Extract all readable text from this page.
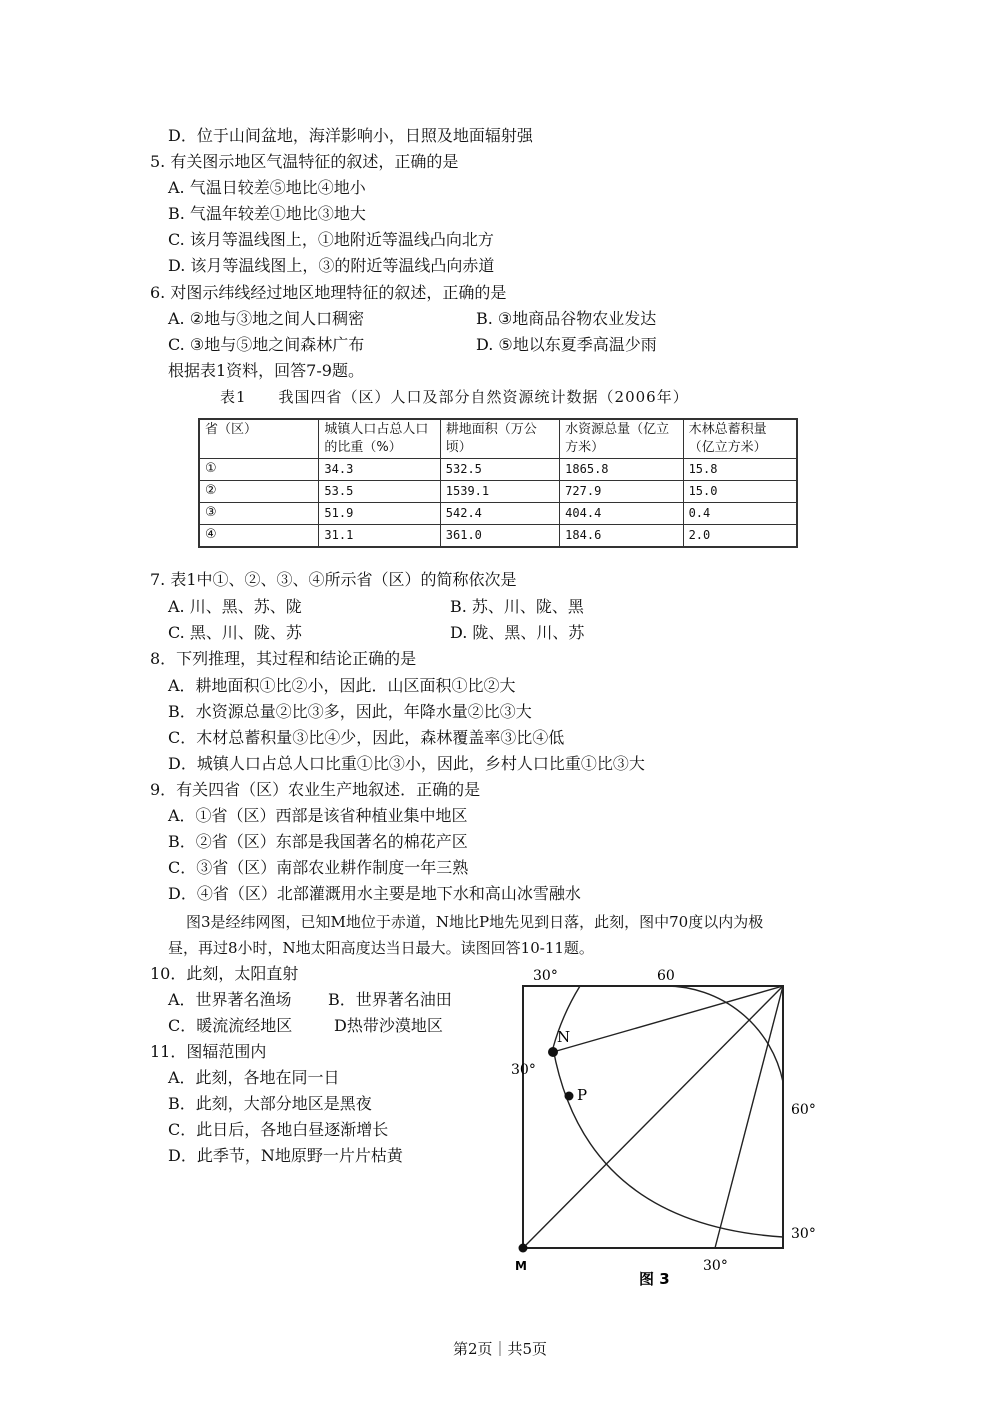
D．位于山间盆地，海洋影响小，日照及地面辐射强
5. 有关图示地区气温特征的叙述，正确的是
A. 气温日较差⑤地比④地小
B. 气温年较差①地比③地大
C. 该月等温线图上，①地附近等温线凸向北方
D. 该月等温线图上，③的附近等温线凸向赤道
6. 对图示纬线经过地区地理特征的叙述，正确的是
A. ②地与③地之间人口稠密	B. ③地商品谷物农业发达
C. ③地与⑤地之间森林广布	D. ⑤地以东夏季高温少雨
根据表1资料，回答7-9题。
表1　　我国四省（区）人口及部分自然资源统计数据（2006年）
省（区）	城镇人口占总人口的比重（%）	耕地面积（万公顷）	水资源总量（亿立方米）	木林总蓄积量（亿立方米）
①	34.3	532.5	1865.8	15.8
②	53.5	1539.1	727.9	15.0
③	51.9	542.4	404.4	0.4
④	31.1	361.0	184.6	2.0
7. 表1中①、②、③、④所示省（区）的简称依次是
A. 川、黑、苏、陇	B. 苏、川、陇、黑
C. 黑、川、陇、苏	D. 陇、黑、川、苏
8．下列推理，其过程和结论正确的是
A．耕地面积①比②小，因此．山区面积①比②大
B．水资源总量②比③多，因此，年降水量②比③大
C．木材总蓄积量③比④少，因此，森林覆盖率③比④低
D．城镇人口占总人口比重①比③小，因此，乡村人口比重①比③大
9．有关四省（区）农业生产地叙述．正确的是
A．①省（区）西部是该省种植业集中地区
B．②省（区）东部是我国著名的棉花产区
C．③省（区）南部农业耕作制度一年三熟
D．④省（区）北部灌溉用水主要是地下水和高山冰雪融水
图3是经纬网图，已知M地位于赤道，N地比P地先见到日落，此刻，图中70度以内为极
昼，再过8小时，N地太阳高度达当日最大。读图回答10-11题。
10．此刻，太阳直射
A．世界著名渔场 B．世界著名油田
C．暖流流经地区	D热带沙漠地区
11．图辐范围内
A．此刻，各地在同一日
B．此刻，大部分地区是黑夜
C．此日后，各地白昼逐渐增长
D．此季节，N地原野一片片枯黄
30°	60
30°
60°
30°
30°
N
P
M
图 3
第2页｜共5页
